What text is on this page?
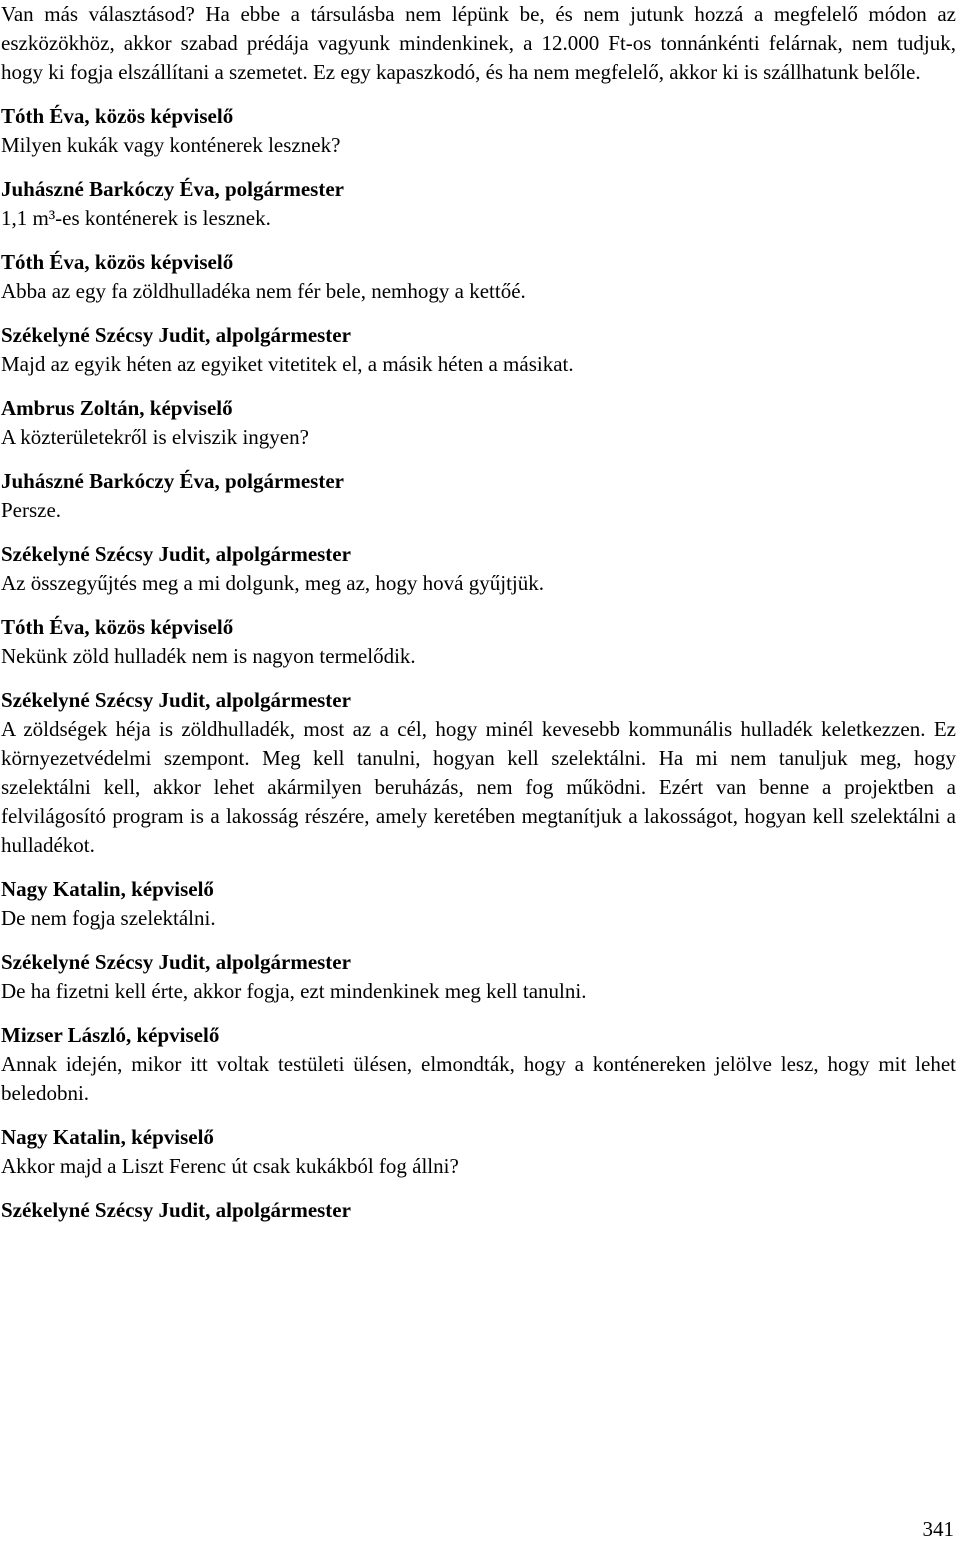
Van más választásod? Ha ebbe a társulásba nem lépünk be, és nem jutunk hozzá a megfelelő módon az eszközökhöz, akkor szabad prédája vagyunk mindenkinek, a 12.000 Ft-os tonnánkénti felárnak, nem tudjuk, hogy ki fogja elszállítani a szemetet. Ez egy kapaszkodó, és ha nem megfelelő, akkor ki is szállhatunk belőle.

Tóth Éva, közös képviselő
Milyen kukák vagy konténerek lesznek?
Juhászné Barkóczy Éva, polgármester
1,1 m³-es konténerek is lesznek.
Tóth Éva, közös képviselő
Abba az egy fa zöldhulladéka nem fér bele, nemhogy a kettőé.
Székelyné Szécsy Judit, alpolgármester
Majd az egyik héten az egyiket vitetitek el, a másik héten a másikat.
Ambrus Zoltán, képviselő
A közterületekről is elviszik ingyen?
Juhászné Barkóczy Éva, polgármester
Persze.
Székelyné Szécsy Judit, alpolgármester
Az összegyűjtés meg a mi dolgunk, meg az, hogy hová gyűjtjük.
Tóth Éva, közös képviselő
Nekünk zöld hulladék nem is nagyon termelődik.
Székelyné Szécsy Judit, alpolgármester
A zöldségek héja is zöldhulladék, most az a cél, hogy minél kevesebb kommunális hulladék keletkezzen. Ez környezetvédelmi szempont. Meg kell tanulni, hogyan kell szelektálni. Ha mi nem tanuljuk meg, hogy szelektálni kell, akkor lehet akármilyen beruházás, nem fog működni. Ezért van benne a projektben a felvilágosító program is a lakosság részére, amely keretében megtanítjuk a lakosságot, hogyan kell szelektálni a hulladékot.
Nagy Katalin, képviselő
De nem fogja szelektálni.
Székelyné Szécsy Judit, alpolgármester
De ha fizetni kell érte, akkor fogja, ezt mindenkinek meg kell tanulni.
Mizser László, képviselő
Annak idején, mikor itt voltak testületi ülésen, elmondták, hogy a konténereken jelölve lesz, hogy mit lehet beledobni.
Nagy Katalin, képviselő
Akkor majd a Liszt Ferenc út csak kukákból fog állni?
Székelyné Szécsy Judit, alpolgármester
341
